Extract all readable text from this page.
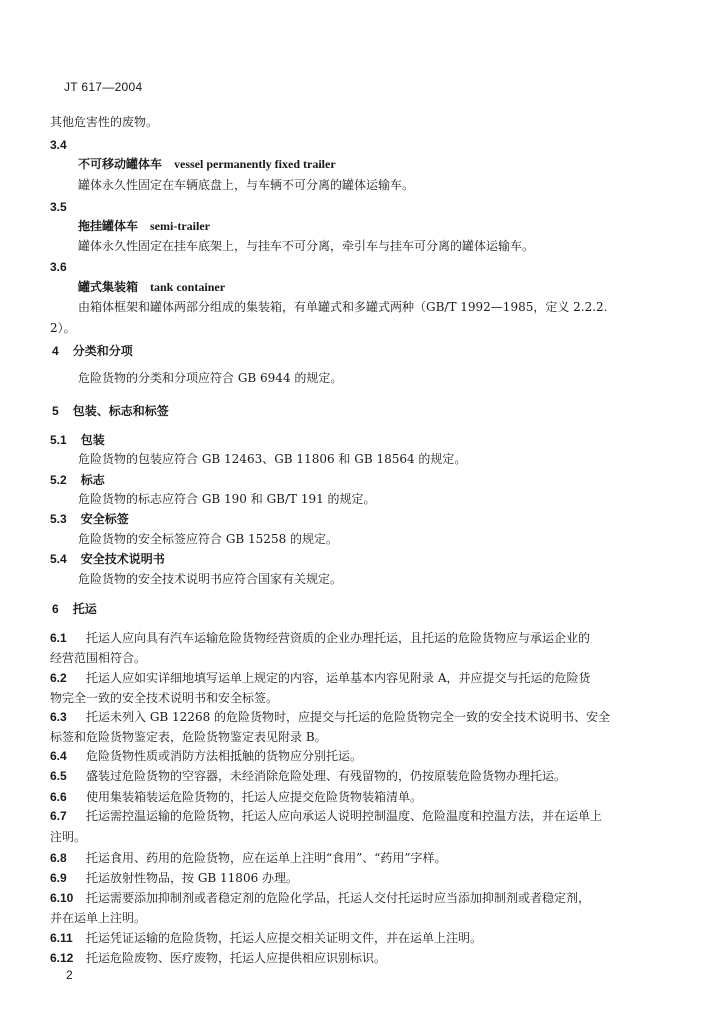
JT 617—2004
其他危害性的废物。
3.4
不可移动罐体车 vessel permanently fixed trailer
罐体永久性固定在车辆底盘上，与车辆不可分离的罐体运输车。
3.5
拖挂罐体车 semi-trailer
罐体永久性固定在挂车底架上，与挂车不可分离，牵引车与挂车可分离的罐体运输车。
3.6
罐式集装箱 tank container
由箱体框架和罐体两部分组成的集装箱，有单罐式和多罐式两种（GB/T 1992—1985，定义 2.2.2.
2）。
4 分类和分项
危险货物的分类和分项应符合 GB 6944 的规定。
5 包装、标志和标签
5.1 包装
危险货物的包装应符合 GB 12463、GB 11806 和 GB 18564 的规定。
5.2 标志
危险货物的标志应符合 GB 190 和 GB/T 191 的规定。
5.3 安全标签
危险货物的安全标签应符合 GB 15258 的规定。
5.4 安全技术说明书
危险货物的安全技术说明书应符合国家有关规定。
6 托运
6.1 托运人应向具有汽车运输危险货物经营资质的企业办理托运，且托运的危险货物应与承运企业的
经营范围相符合。
6.2 托运人应如实详细地填写运单上规定的内容，运单基本内容见附录 A，并应提交与托运的危险货
物完全一致的安全技术说明书和安全标签。
6.3 托运未列入 GB 12268 的危险货物时，应提交与托运的危险货物完全一致的安全技术说明书、安全
标签和危险货物鉴定表，危险货物鉴定表见附录 B。
6.4 危险货物性质或消防方法相抵触的货物应分别托运。
6.5 盛装过危险货物的空容器，未经消除危险处理、有残留物的，仍按原装危险货物办理托运。
6.6 使用集装箱装运危险货物的，托运人应提交危险货物装箱清单。
6.7 托运需控温运输的危险货物，托运人应向承运人说明控制温度、危险温度和控温方法，并在运单上
注明。
6.8 托运食用、药用的危险货物，应在运单上注明“食用”、“药用”字样。
6.9 托运放射性物品，按 GB 11806 办理。
6.10 托运需要添加抑制剂或者稳定剂的危险化学品，托运人交付托运时应当添加抑制剂或者稳定剂，
并在运单上注明。
6.11 托运凭证运输的危险货物，托运人应提交相关证明文件，并在运单上注明。
6.12 托运危险废物、医疗废物，托运人应提供相应识别标识。
2
